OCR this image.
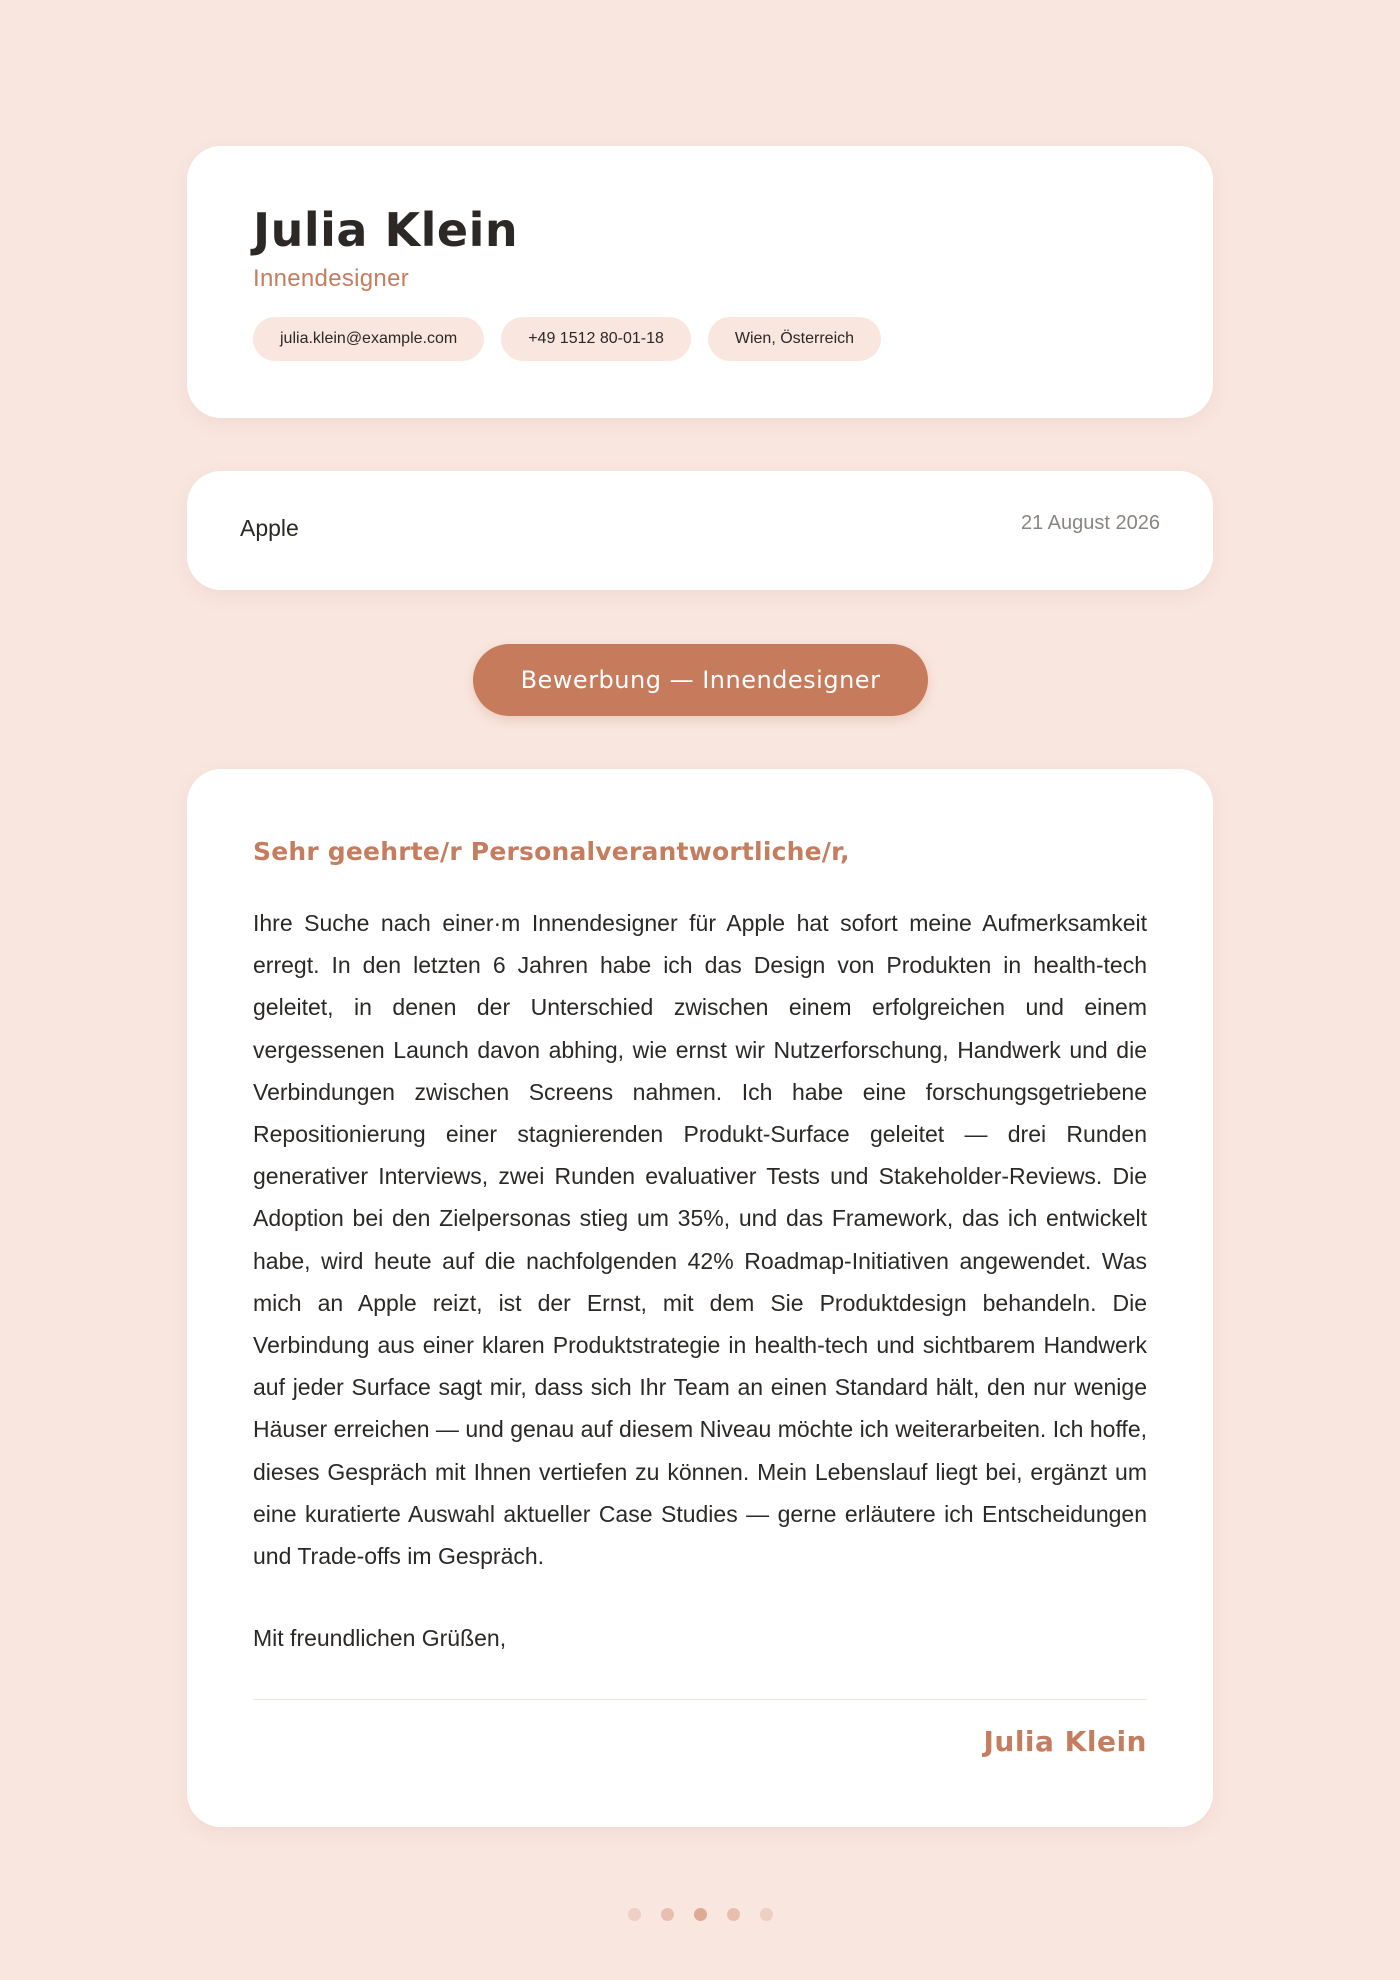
Julia Klein
Innendesigner
julia.klein@example.com	+49 1512 80-01-18	Wien, Österreich
Apple	21 August 2026
Bewerbung — Innendesigner
Sehr geehrte/r Personalverantwortliche/r,

Ihre Suche nach einer·m Innendesigner für Apple hat sofort meine Aufmerksamkeit erregt. In den letzten 6 Jahren habe ich das Design von Produkten in health-tech geleitet, in denen der Unterschied zwischen einem erfolgreichen und einem vergessenen Launch davon abhing, wie ernst wir Nutzerforschung, Handwerk und die Verbindungen zwischen Screens nahmen. Ich habe eine forschungsgetriebene Repositionierung einer stagnierenden Produkt-Surface geleitet — drei Runden generativer Interviews, zwei Runden evaluativer Tests und Stakeholder-Reviews. Die Adoption bei den Zielpersonas stieg um 35%, und das Framework, das ich entwickelt habe, wird heute auf die nachfolgenden 42% Roadmap-Initiativen angewendet. Was mich an Apple reizt, ist der Ernst, mit dem Sie Produktdesign behandeln. Die Verbindung aus einer klaren Produktstrategie in health-tech und sichtbarem Handwerk auf jeder Surface sagt mir, dass sich Ihr Team an einen Standard hält, den nur wenige Häuser erreichen — und genau auf diesem Niveau möchte ich weiterarbeiten. Ich hoffe, dieses Gespräch mit Ihnen vertiefen zu können. Mein Lebenslauf liegt bei, ergänzt um eine kuratierte Auswahl aktueller Case Studies — gerne erläutere ich Entscheidungen und Trade-offs im Gespräch.

Mit freundlichen Grüßen,
Julia Klein
